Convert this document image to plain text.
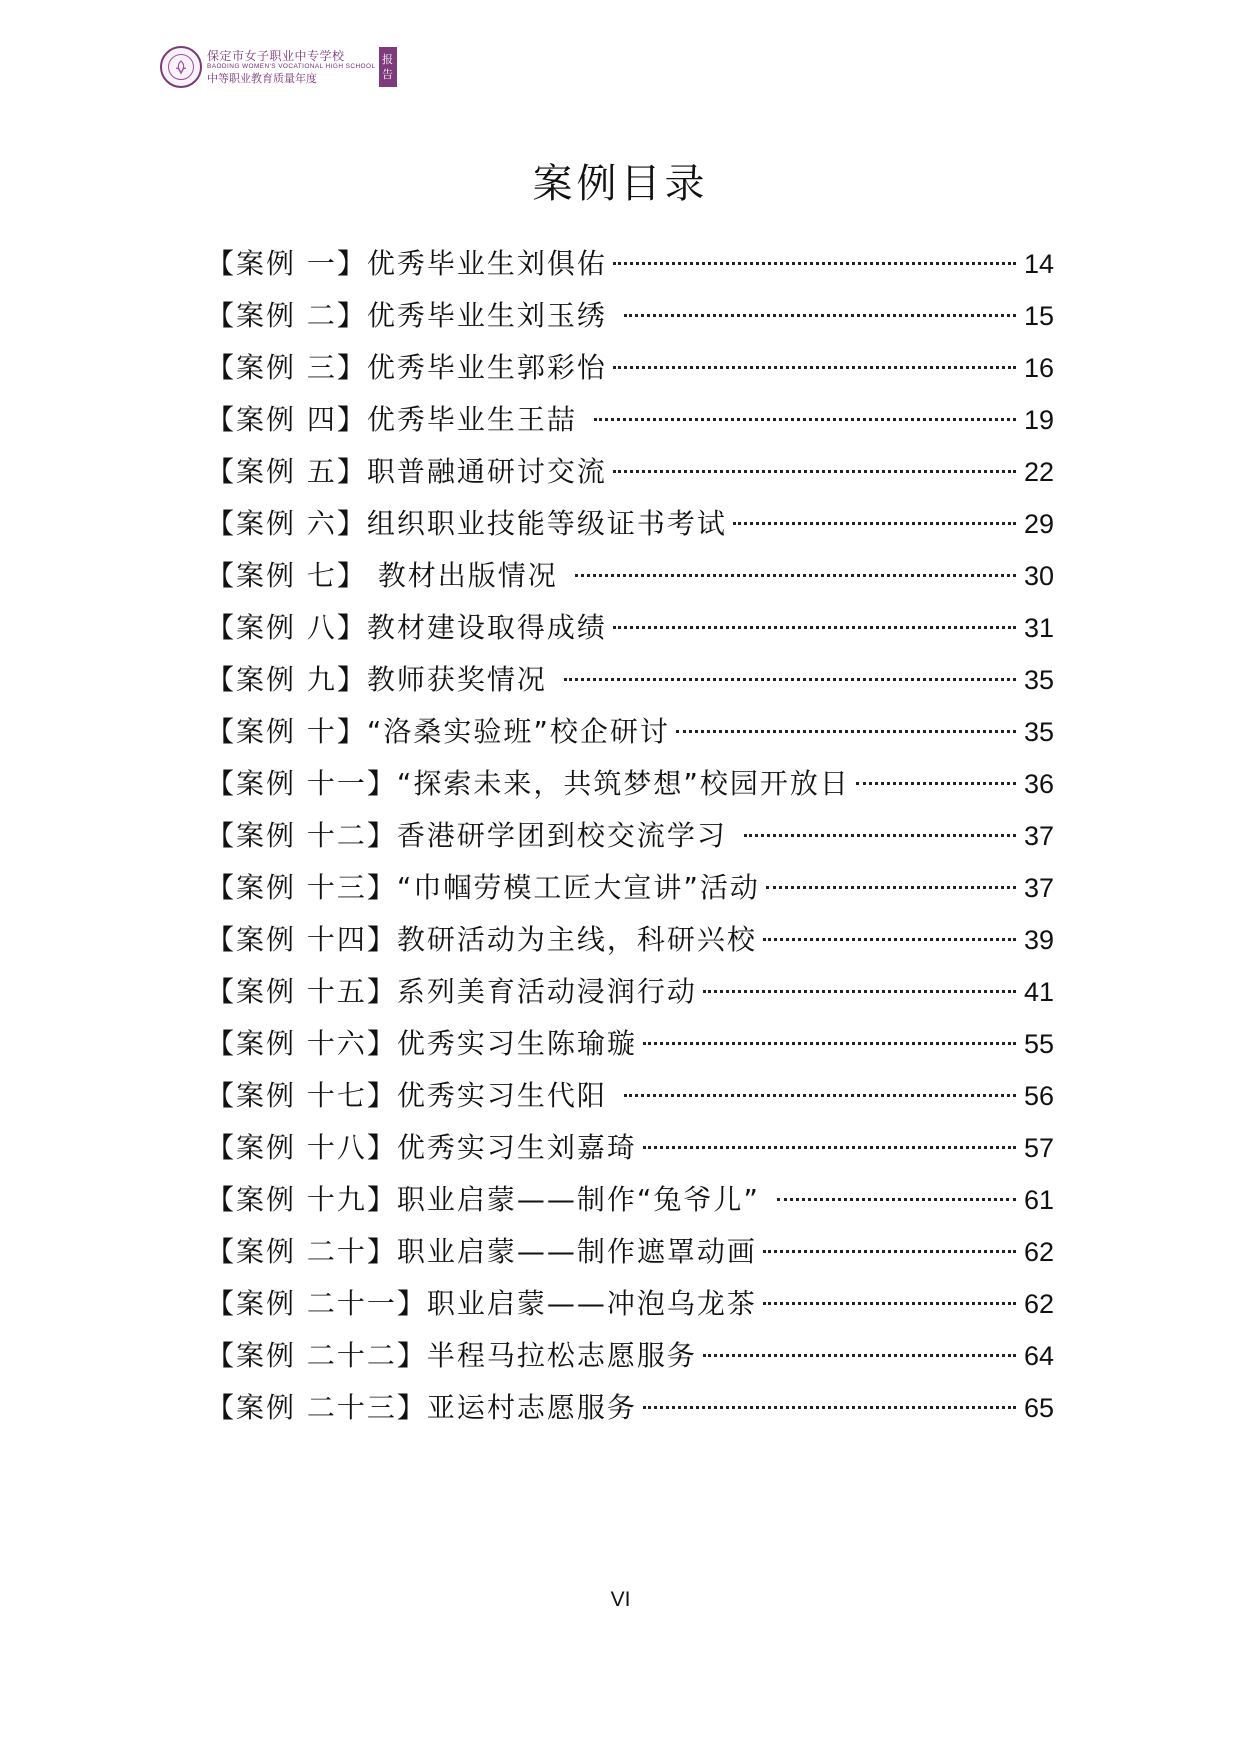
保定市女子职业中专学校
BAODING WOMEN'S VOCATIONAL HIGH SCHOOL
中等职业教育质量年度
报
告
案例目录
【案例 一】优秀毕业生刘俱佑	14
【案例 二】优秀毕业生刘玉绣	15
【案例 三】优秀毕业生郭彩怡	16
【案例 四】优秀毕业生王喆	19
【案例 五】职普融通研讨交流	22
【案例 六】组织职业技能等级证书考试	29
【案例 七】 教材出版情况	30
【案例 八】教材建设取得成绩	31
【案例 九】教师获奖情况	35
【案例 十】“洛桑实验班”校企研讨	35
【案例 十一】“探索未来，共筑梦想”校园开放日	36
【案例 十二】香港研学团到校交流学习	37
【案例 十三】“巾帼劳模工匠大宣讲”活动	37
【案例 十四】教研活动为主线，科研兴校	39
【案例 十五】系列美育活动浸润行动	41
【案例 十六】优秀实习生陈瑜璇	55
【案例 十七】优秀实习生代阳	56
【案例 十八】优秀实习生刘嘉琦	57
【案例 十九】职业启蒙——制作“兔爷儿”	61
【案例 二十】职业启蒙——制作遮罩动画	62
【案例 二十一】职业启蒙——冲泡乌龙茶	62
【案例 二十二】半程马拉松志愿服务	64
【案例 二十三】亚运村志愿服务	65
VI
